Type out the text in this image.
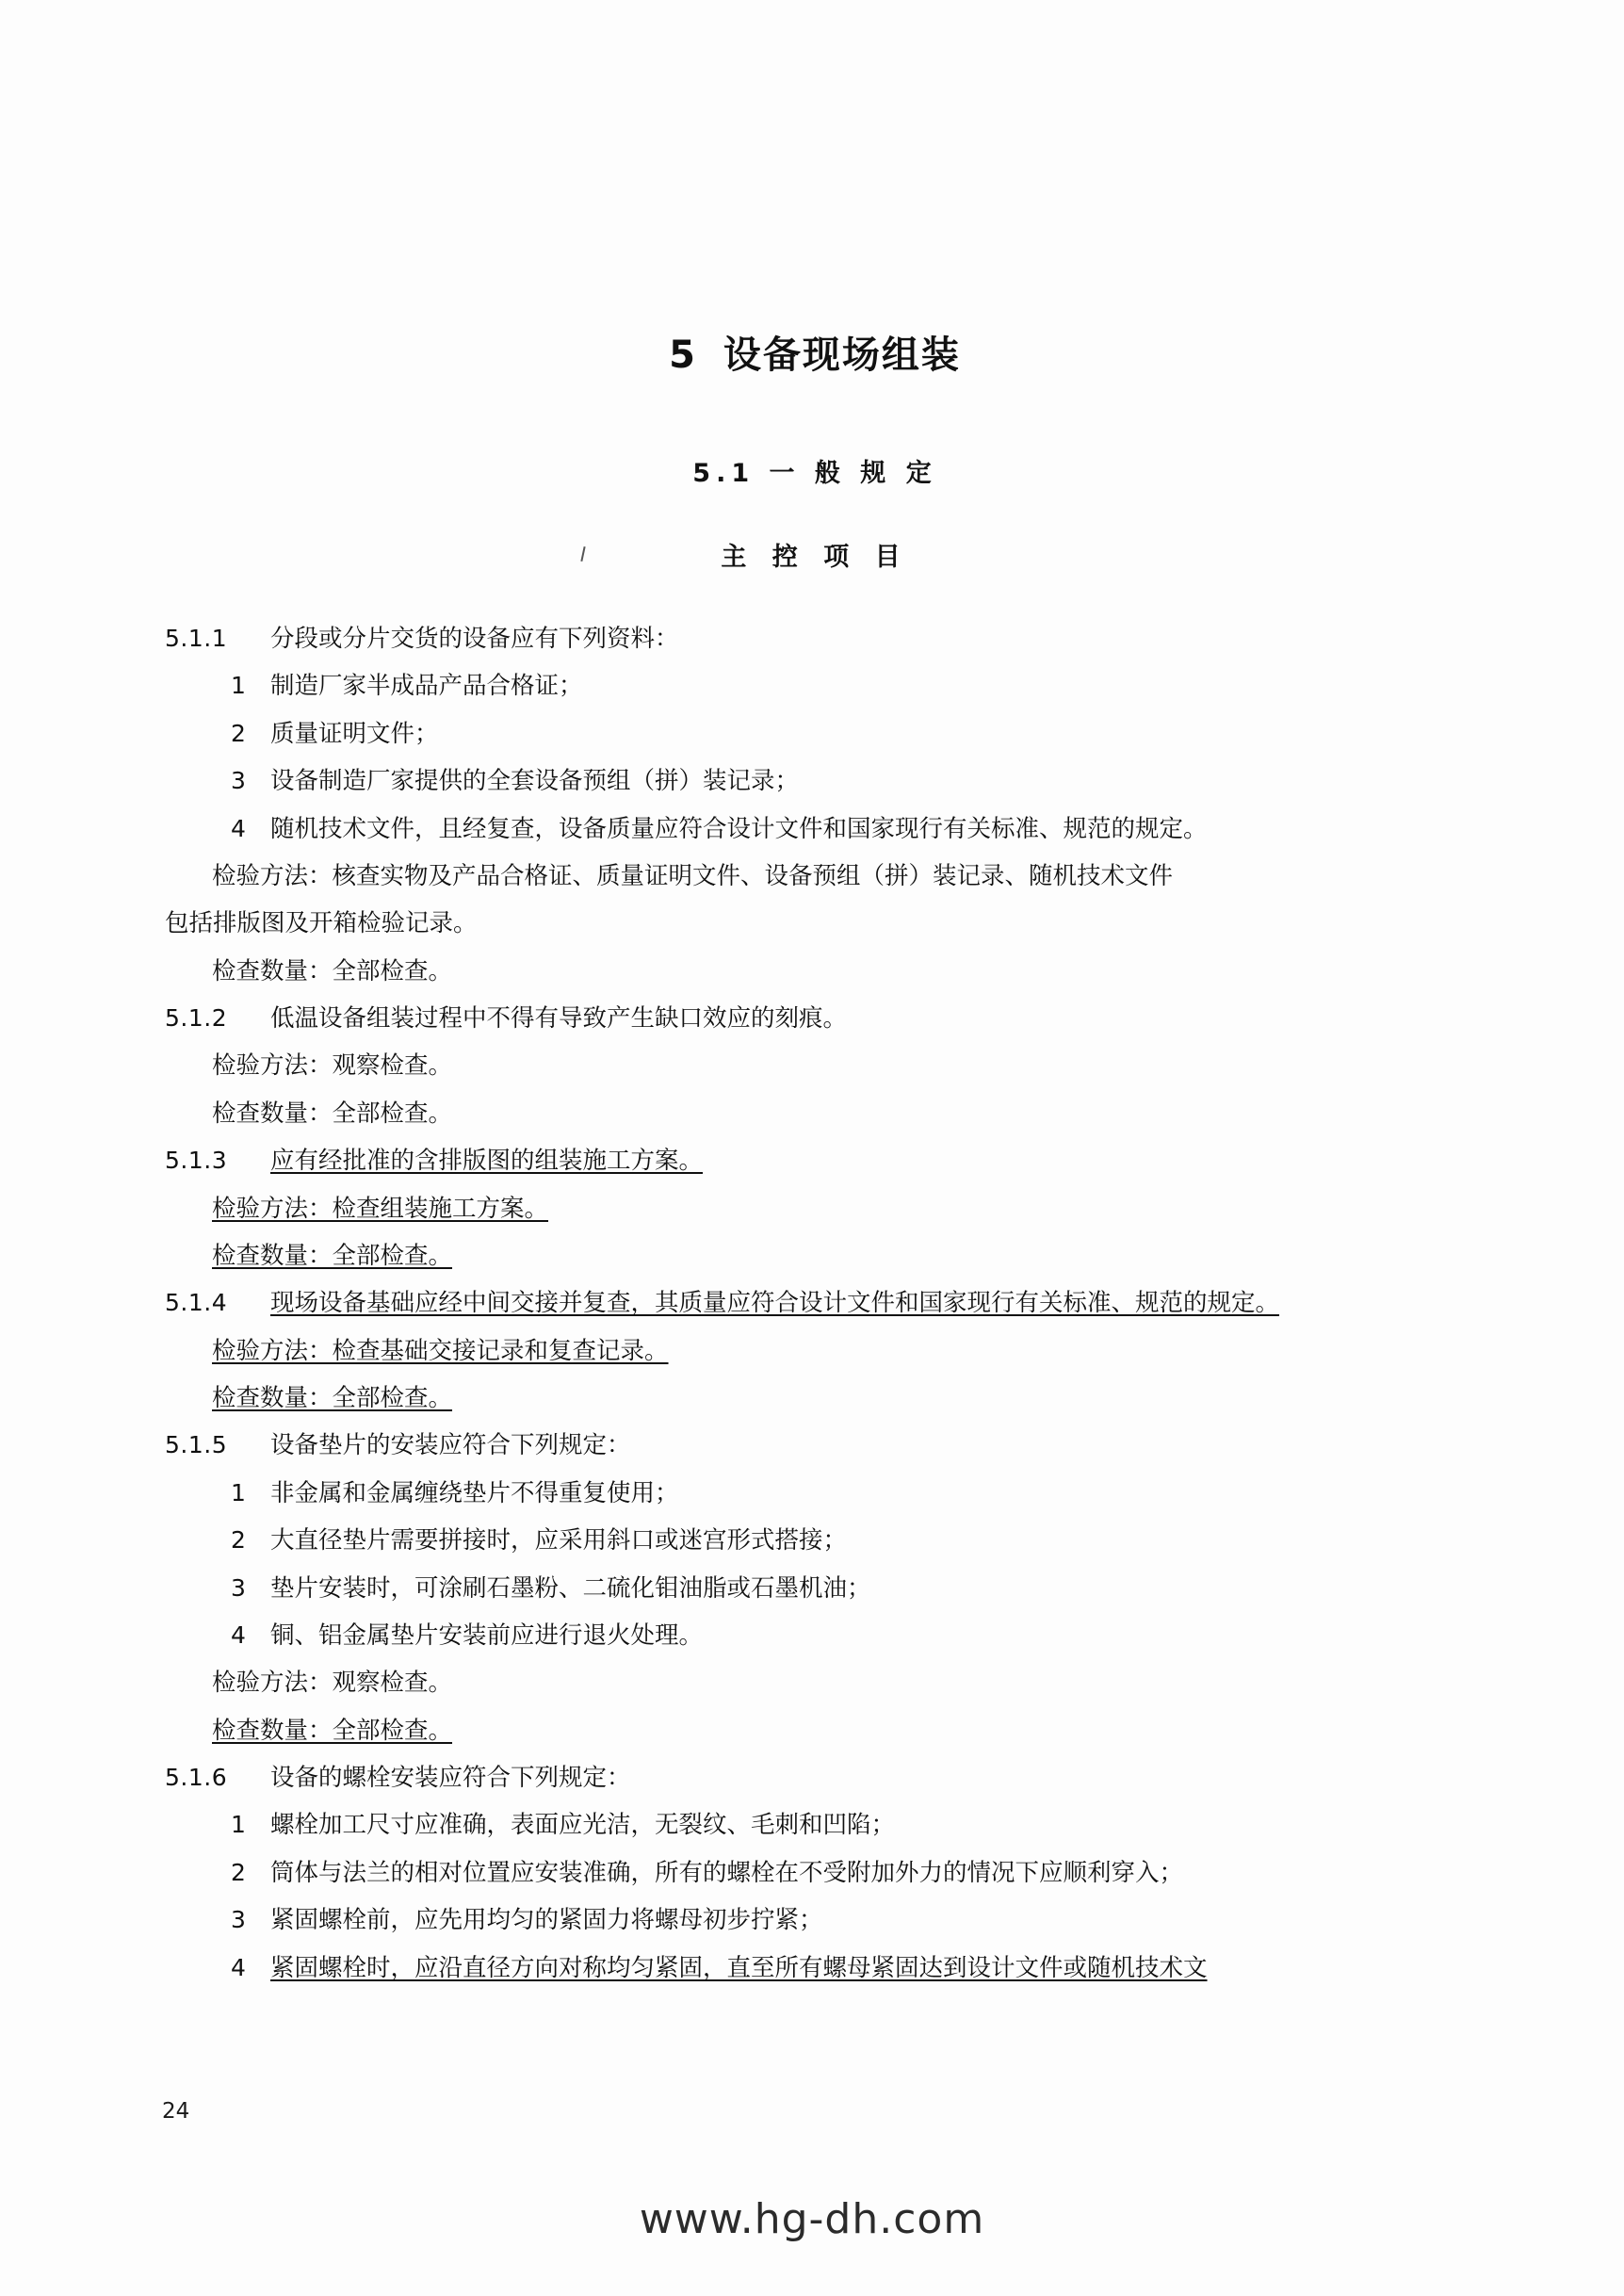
5 设备现场组装
5.1 一 般 规 定
主 控 项 目
5.1.1	分段或分片交货的设备应有下列资料：
1	制造厂家半成品产品合格证；
2	质量证明文件；
3	设备制造厂家提供的全套设备预组（拼）装记录；
4	随机技术文件，且经复查，设备质量应符合设计文件和国家现行有关标准、规范的规定。
检验方法：核查实物及产品合格证、质量证明文件、设备预组（拼）装记录、随机技术文件
包括排版图及开箱检验记录。
检查数量：全部检查。
5.1.2	低温设备组装过程中不得有导致产生缺口效应的刻痕。
检验方法：观察检查。
检查数量：全部检查。
5.1.3	应有经批准的含排版图的组装施工方案。
检验方法：检查组装施工方案。
检查数量：全部检查。
5.1.4	现场设备基础应经中间交接并复查，其质量应符合设计文件和国家现行有关标准、规范的规定。
检验方法：检查基础交接记录和复查记录。
检查数量：全部检查。
5.1.5	设备垫片的安装应符合下列规定：
1	非金属和金属缠绕垫片不得重复使用；
2	大直径垫片需要拼接时，应采用斜口或迷宫形式搭接；
3	垫片安装时，可涂刷石墨粉、二硫化钼油脂或石墨机油；
4	铜、铝金属垫片安装前应进行退火处理。
检验方法：观察检查。
检查数量：全部检查。
5.1.6	设备的螺栓安装应符合下列规定：
1	螺栓加工尺寸应准确，表面应光洁，无裂纹、毛刺和凹陷；
2	筒体与法兰的相对位置应安装准确，所有的螺栓在不受附加外力的情况下应顺利穿入；
3	紧固螺栓前，应先用均匀的紧固力将螺母初步拧紧；
4	紧固螺栓时，应沿直径方向对称均匀紧固，直至所有螺母紧固达到设计文件或随机技术文
24
www.hg-dh.com
